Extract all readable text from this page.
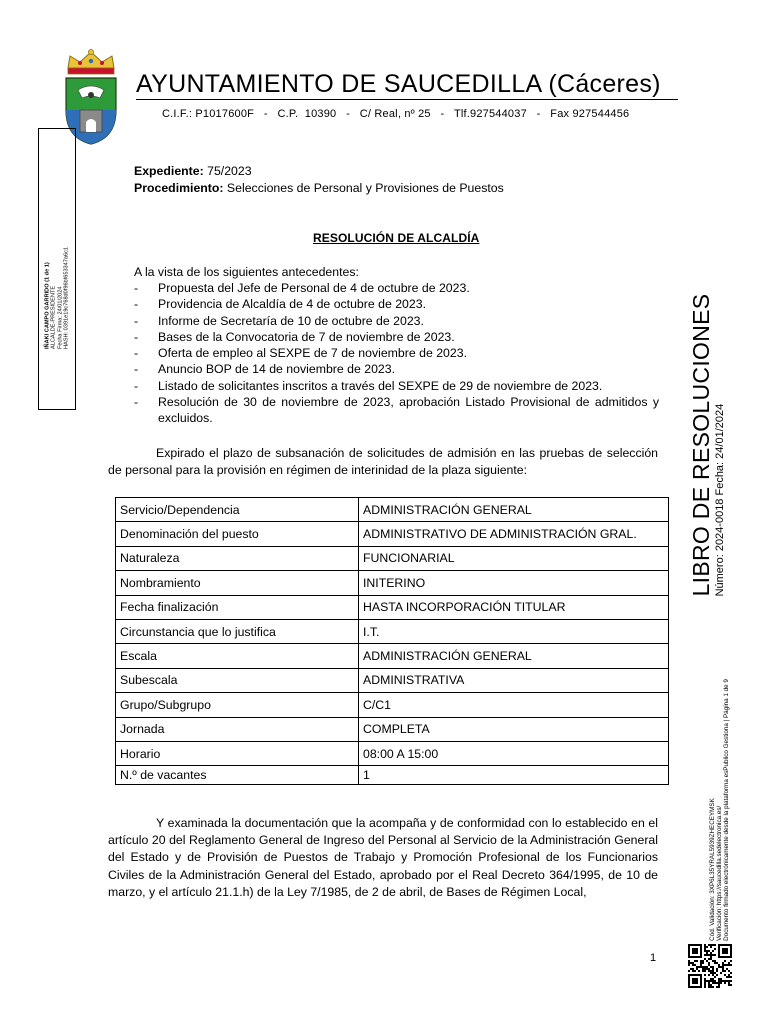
AYUNTAMIENTO DE SAUCEDILLA (Cáceres)
C.I.F.: P1017600F   -   C.P.  10390   -   C/ Real, nº 25   -   Tlf.927544037   -   Fax 927544456
IÑAKI CAMPO GARRIDO (1 de 1) ALCALDE-PRESIDENTE Fecha Firma: 24/01/2024 HASH: 0391e19c768d0f96bf653347a6c1	LIBRO DE RESOLUCIONES Número: 2024-0018 Fecha: 24/01/2024
Cód. Validación: 3XP6L35YRAL5939ZHECEYMSK Verificación: https://saucedilla.sedelectronica.es/ Documento firmado electrónicamente desde la plataforma esPublico Gestiona | Página 1 de 9
Expediente: 75/2023
Procedimiento: Selecciones de Personal y Provisiones de Puestos
RESOLUCIÓN DE ALCALDÍA
A la vista de los siguientes antecedentes:
- Propuesta del Jefe de Personal de 4 de octubre de 2023.
- Providencia de Alcaldía de 4 de octubre de 2023.
- Informe de Secretaría de 10 de octubre de 2023.
- Bases de la Convocatoria de 7 de noviembre de 2023.
- Oferta de empleo al SEXPE de 7 de noviembre de 2023.
- Anuncio BOP de 14 de noviembre de 2023.
- Listado de solicitantes inscritos a través del SEXPE de 29 de noviembre de 2023.
- Resolución de 30 de noviembre de 2023, aprobación Listado Provisional de admitidos y excluidos.
Expirado el plazo de subsanación de solicitudes de admisión en las pruebas de selección de personal para la provisión en régimen de interinidad de la plaza siguiente:
Servicio/Dependencia	ADMINISTRACIÓN GENERAL
Denominación del puesto	ADMINISTRATIVO DE ADMINISTRACIÓN GRAL.
Naturaleza	FUNCIONARIAL
Nombramiento	INITERINO
Fecha finalización	HASTA INCORPORACIÓN TITULAR
Circunstancia que lo justifica	I.T.
Escala	ADMINISTRACIÓN GENERAL
Subescala	ADMINISTRATIVA
Grupo/Subgrupo	C/C1
Jornada	COMPLETA
Horario	08:00 A 15:00
N.º de vacantes	1
Y examinada la documentación que la acompaña y de conformidad con lo establecido en el artículo 20 del Reglamento General de Ingreso del Personal al Servicio de la Administración General del Estado y de Provisión de Puestos de Trabajo y Promoción Profesional de los Funcionarios Civiles de la Administración General del Estado, aprobado por el Real Decreto 364/1995, de 10 de marzo, y el artículo 21.1.h) de la Ley 7/1985, de 2 de abril, de Bases de Régimen Local,
1
